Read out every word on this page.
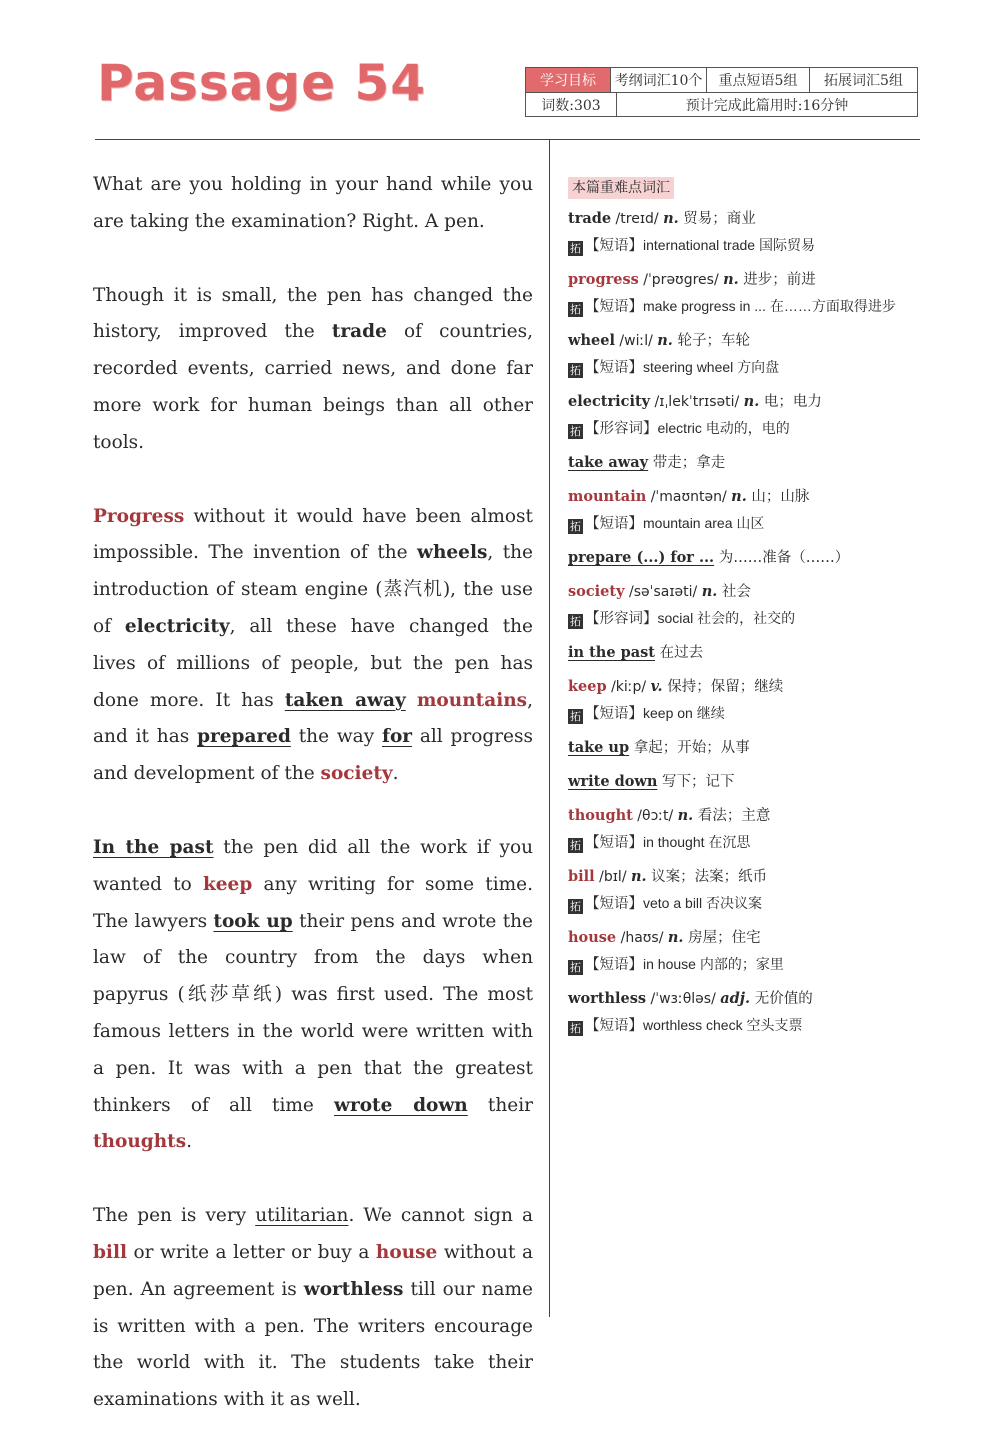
Passage 54	学习目标	考纲词汇10个	重点短语5组	拓展词汇5组
词数:303	预计完成此篇用时:16分钟

What are you holding in your hand while you are taking the examination? Right. A pen.

Though it is small, the pen has changed the history, improved the trade of countries, recorded events, carried news, and done far more work for human beings than all other tools.

Progress without it would have been almost impossible. The invention of the wheels, the introduction of steam engine (蒸汽机), the use of electricity, all these have changed the lives of millions of people, but the pen has done more. It has taken away mountains, and it has prepared the way for all progress and development of the society.

In the past the pen did all the work if you wanted to keep any writing for some time. The lawyers took up their pens and wrote the law of the country from the days when papyrus (纸莎草纸) was first used. The most famous letters in the world were written with a pen. It was with a pen that the greatest thinkers of all time wrote down their thoughts.

The pen is very utilitarian. We cannot sign a bill or write a letter or buy a house without a pen. An agreement is worthless till our name is written with a pen. The writers encourage the world with it. The students take their examinations with it as well.

本篇重难点词汇
trade /treɪd/ n. 贸易；商业
拓 【短语】international trade 国际贸易
progress /ˈprəʊgres/ n. 进步；前进
拓 【短语】make progress in ... 在……方面取得进步
wheel /wiːl/ n. 轮子；车轮
拓 【短语】steering wheel 方向盘
electricity /ɪˌlekˈtrɪsəti/ n. 电；电力
拓 【形容词】electric 电动的，电的
take away 带走；拿走
mountain /ˈmaʊntən/ n. 山；山脉
拓 【短语】mountain area 山区
prepare (...) for ... 为……准备（……）
society /səˈsaɪəti/ n. 社会
拓 【形容词】social 社会的，社交的
in the past 在过去
keep /kiːp/ v. 保持；保留；继续
拓 【短语】keep on 继续
take up 拿起；开始；从事
write down 写下；记下
thought /θɔːt/ n. 看法；主意
拓 【短语】in thought 在沉思
bill /bɪl/ n. 议案；法案；纸币
拓 【短语】veto a bill 否决议案
house /haʊs/ n. 房屋；住宅
拓 【短语】in house 内部的；家里
worthless /ˈwɜːθləs/ adj. 无价值的
拓 【短语】worthless check 空头支票
